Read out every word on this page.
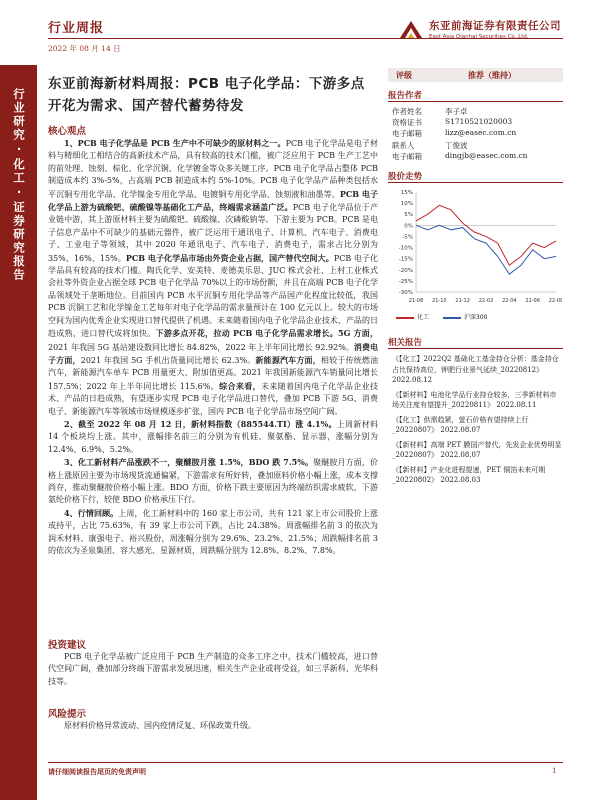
行业周报
2022 年 08 月 14 日
东亚前海证券有限责任公司
East Asia Qianhai Securities Co.,Ltd.
行业研究·化工·证券研究报告
东亚前海新材料周报：PCB 电子化学品：下游多点开花为需求、国产替代蓄势待发
核心观点

1、PCB 电子化学品是 PCB 生产中不可缺少的原材料之一。PCB 电子化学品是电子材料与精细化工相结合的高新技术产品，具有较高的技术门槛，被广泛应用于 PCB 生产工艺中的前处理、蚀刻、棕化、化学沉铜、化学镀金等众多关键工序。PCB 电子化学品占整体 PCB 制造成本约 3%-5%，占高端 PCB 制造成本约 5%-10%。PCB 电子化学品产品种类包括水平沉铜专用化学品、化学镍金专用化学品、电镀铜专用化学品、蚀刻液和油墨等。PCB 电子化学品上游为硫酸钯、硫酸镍等基础化工产品，终端需求涵盖广泛。PCB 电子化学品位于产业链中游，其上游原材料主要为硫酸钯、硫酸镍、次磷酸钠等。下游主要为 PCB。PCB 是电子信息产品中不可缺少的基础元器件，被广泛运用于通讯电子、计算机、汽车电子、消费电子、工业电子等领域，其中 2020 年通讯电子、汽车电子、消费电子，需求占比分别为 35%、16%、15%。PCB 电子化学品市场由外资企业占据，国产替代空间大。PCB 电子化学品具有较高的技术门槛。陶氏化学、安美特、麦德美乐思、JUC 株式会社、上村工业株式会社等外资企业占据全球 PCB 电子化学品 70%以上的市场份额，并且在高端 PCB 电子化学品领域处于垄断地位。目前国内 PCB 水平沉铜专用化学品等产品国产化程度比较低，我国 PCB 沉铜工艺和化学镍金工艺每年对电子化学品的需求量预计在 100 亿元以上。较大的市场空间为国内优秀企业实现进口替代提供了机遇。未来随着国内电子化学品企业技术、产品的日趋成熟，进口替代成将加快。下游多点开花，拉动 PCB 电子化学品需求增长。5G 方面，2021 年我国 5G 基站建设数同比增长 84.82%，2022 年上半年同比增长 92.92%。消费电子方面，2021 年我国 5G 手机出货量同比增长 62.3%。新能源汽车方面，相较于传统燃油汽车，新能源汽车单车 PCB 用量更大、附加值更高。2021 年我国新能源汽车销量同比增长 157.5%；2022 年上半年同比增长 115.6%。综合来看，未来随着国内电子化学品企业技术、产品的日趋成熟，有望逐步实现 PCB 电子化学品进口替代，叠加 PCB 下游 5G、消费电子、新能源汽车等领域市场规模逐步扩张，国内 PCB 电子化学品市场空间广阔。

2、截至 2022 年 08 月 12 日，新材料指数（885544.TI）涨 4.1%。上周新材料 14 个板块均上涨。其中，涨幅排名前三的分别为有机硅、聚氨酯、显示器，涨幅分别为 12.4%、6.9%、5.2%。

3、化工新材料产品涨跌不一，聚醚胺月涨 1.5%，BDO 跌 7.5%。聚醚胺月方面，价格上涨原因主要为市场现货流通偏紧，下游需求有所好转，叠加原料价格小幅上涨，成本支撑尚存，推动聚醚胺价格小幅上涨。BDO 方面，价格下跌主要原因为终端纺织需求疲软，下游氨纶价格下行，较使 BDO 价格承压下行。

4、行情回顾。上周，化工新材料中的 160 家上市公司，共有 121 家上市公司股价上涨或持平，占比 75.63%，有 39 家上市公司下跌，占比 24.38%。周涨幅排名前 3 的依次为润禾材料、康强电子、裕兴股份，周涨幅分别为 29.6%、23.2%、21.5%；周跌幅排名前 3 的依次为圣泉集团、容大感光、星源材质，周跌幅分别为 12.8%、8.2%、7.8%。

投资建议

PCB 电子化学品被广泛应用于 PCB 生产制造的众多工序之中，技术门槛较高，进口替代空间广阔，叠加部分终端下游需求发展迅速，相关生产企业或将受益，如三孚新科、光华科技等。

风险提示

原材料价格异常波动、国内疫情反复、环保政策升级。

评级	推荐（维持）
报告作者
作者姓名	李子卓
资格证书	S1710521020003
电子邮箱	lizz@easec.com.cn
联系人	丁俊波
电子邮箱	dingjb@easec.com.cn
股价走势
15%
10%
5%
0%
-5%
-10%
-15%
-20%
-25%
-30%
21-08 21-10 21-12 22-02 22-04 22-06 22-08
化工	沪深300
相关报告
《【化工】2022Q2 基础化工基金持仓分析：基金持仓占比保持高位，钾肥行业景气延续_20220812》 2022.08.12
《【新材料】电池化学品行业持仓较多，三季新材料市场关注度有望提升_20220811》 2022.08.11
《【化工】供需趋紧，萤石价格有望持续上行_20220807》 2022.08.07
《【新材料】高端 PET 膜国产替代，先发企业优势明显_20220807》 2022.08.07
《【新材料】产业化进程提速，PET 铜箔未来可期_20220802》 2022.08.03
请仔细阅读报告尾页的免责声明	1
